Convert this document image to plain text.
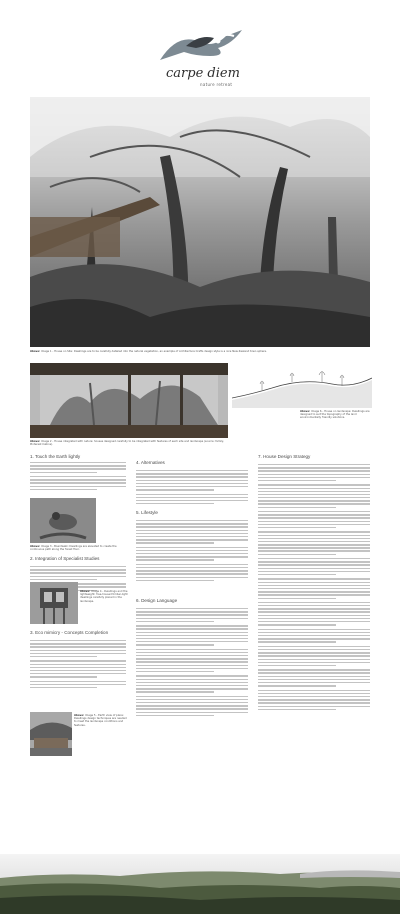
carpe diem
nature retreat
Above: Image 1 - House on Site: Dwellings are to be carefully detailed into the natural vegetation, an example of Architecture Crafts design style is a nice New Zealand town sphere.
Above: Image 2 - House integrated with nature: houses designed carefully to be integrated with features of each site and landscape (source: family, Pinterest Cabins).
Above: Image 6 - House on landscape: Dwellings are designed to suit the topography of the land environmentally friendly solutions.
1. Touch the Earth lightly
Above: Image 3 - Boardwalk: Dwellings are elevated to create the continuous path along the forest floor.
2. Integration of Specialist Studies
Above: Image 4 - Dwellings and the lightweight: free-housed timber-light dwellings carefully placed in the landscape.
3. Eco mimicry - Concepts Completion
Above: Image 5 - Earth view of place: Dwellings design techniques are needed to meet the landscape conditions and features.
4. Alternatives
5. Lifestyle
6. Design Language
7. House Design Strategy
